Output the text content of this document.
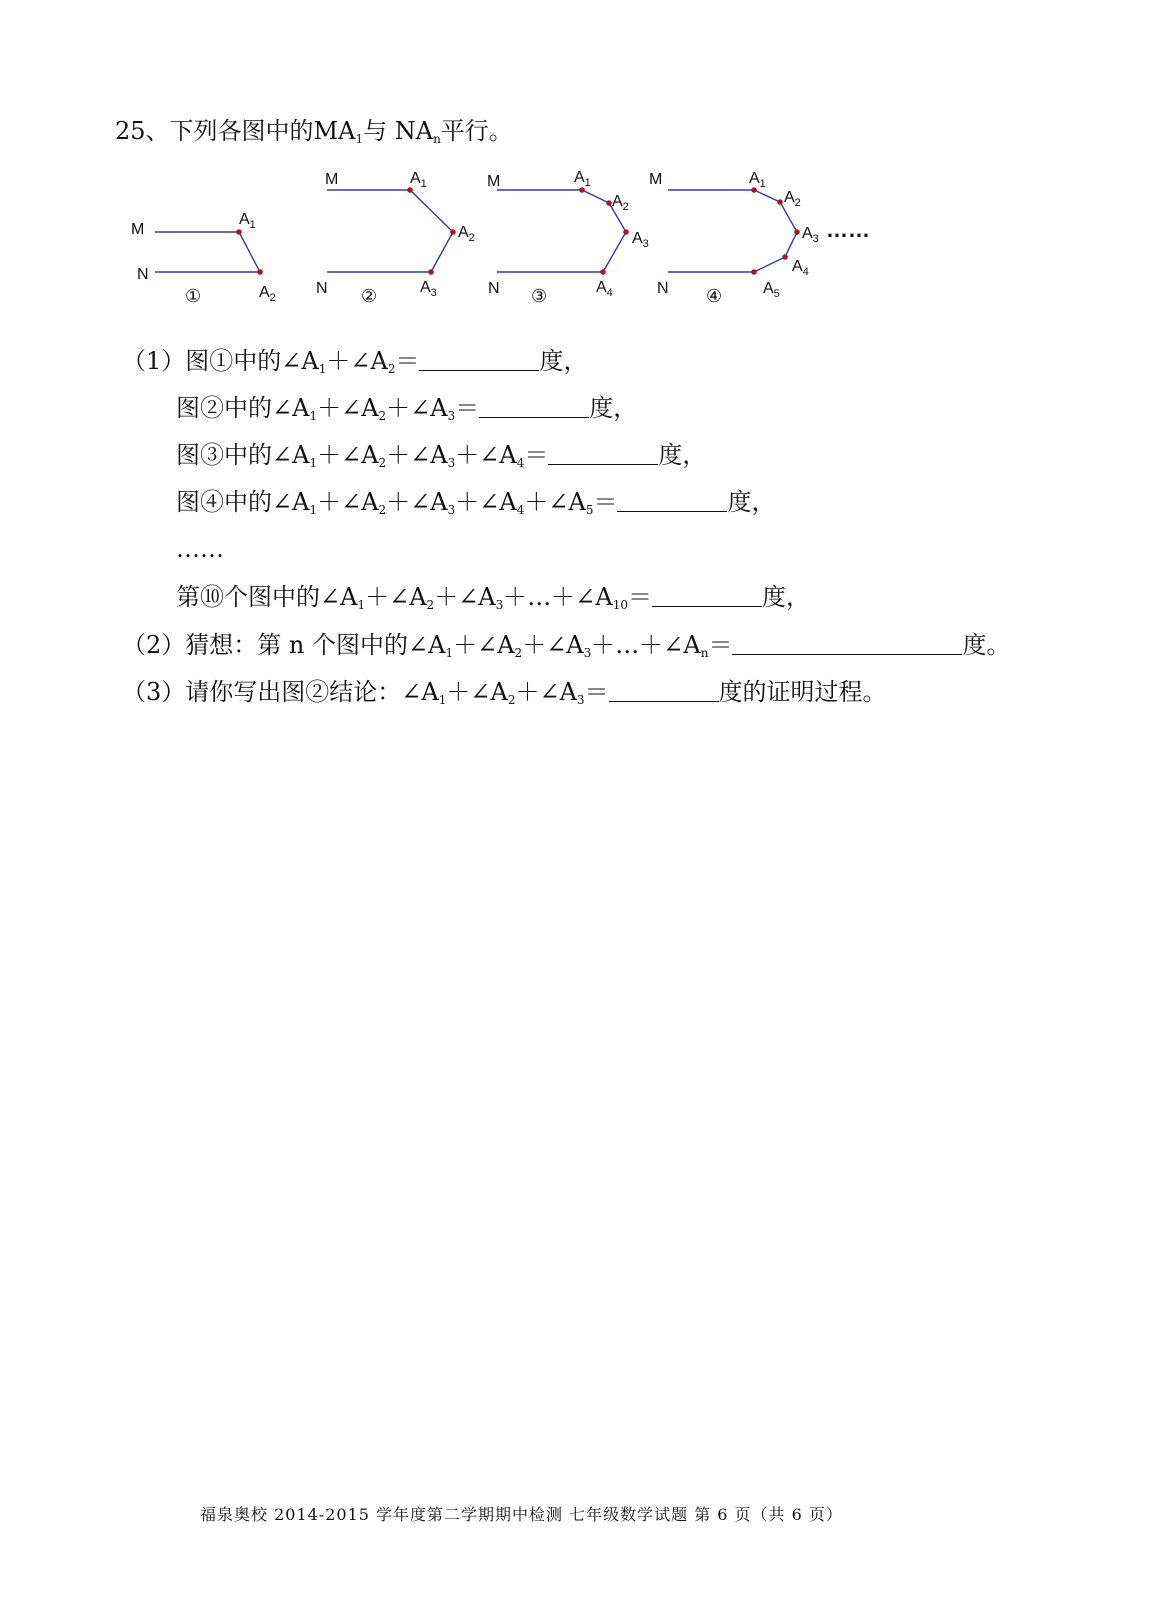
25、下列各图中的$MA_1$与 $NA_n$平行。
M
N
$A_1$
$A_2$
①
M
N
$A_1$
$A_2$
$A_3$
②
M
N
$A_1$
$A_2$
$A_3$
$A_4$
③
M
N
$A_1$
$A_2$
$A_3$
$A_4$
$A_5$
④
……
（1）图①中的$\angle A_1+\angle A_2=$	度，
图②中的$\angle A_1+\angle A_2+\angle A_3=$	度，
图③中的$\angle A_1+\angle A_2+\angle A_3+\angle A_4=$	度，
图④中的$\angle A_1+\angle A_2+\angle A_3+\angle A_4+\angle A_5=$	度，
……
第⑩个图中的$\angle A_1+\angle A_2+\angle A_3+\dots+\angle A_{10}=$	度，
（2）猜想：第 n 个图中的$\angle A_1+\angle A_2+\angle A_3+\dots+\angle A_n=$	度。
（3）请你写出图②结论：$\angle A_1+\angle A_2+\angle A_3=$	度的证明过程。
福泉奥校 2014-2015 学年度第二学期期中检测 七年级数学试题 第 6 页（共 6 页）
